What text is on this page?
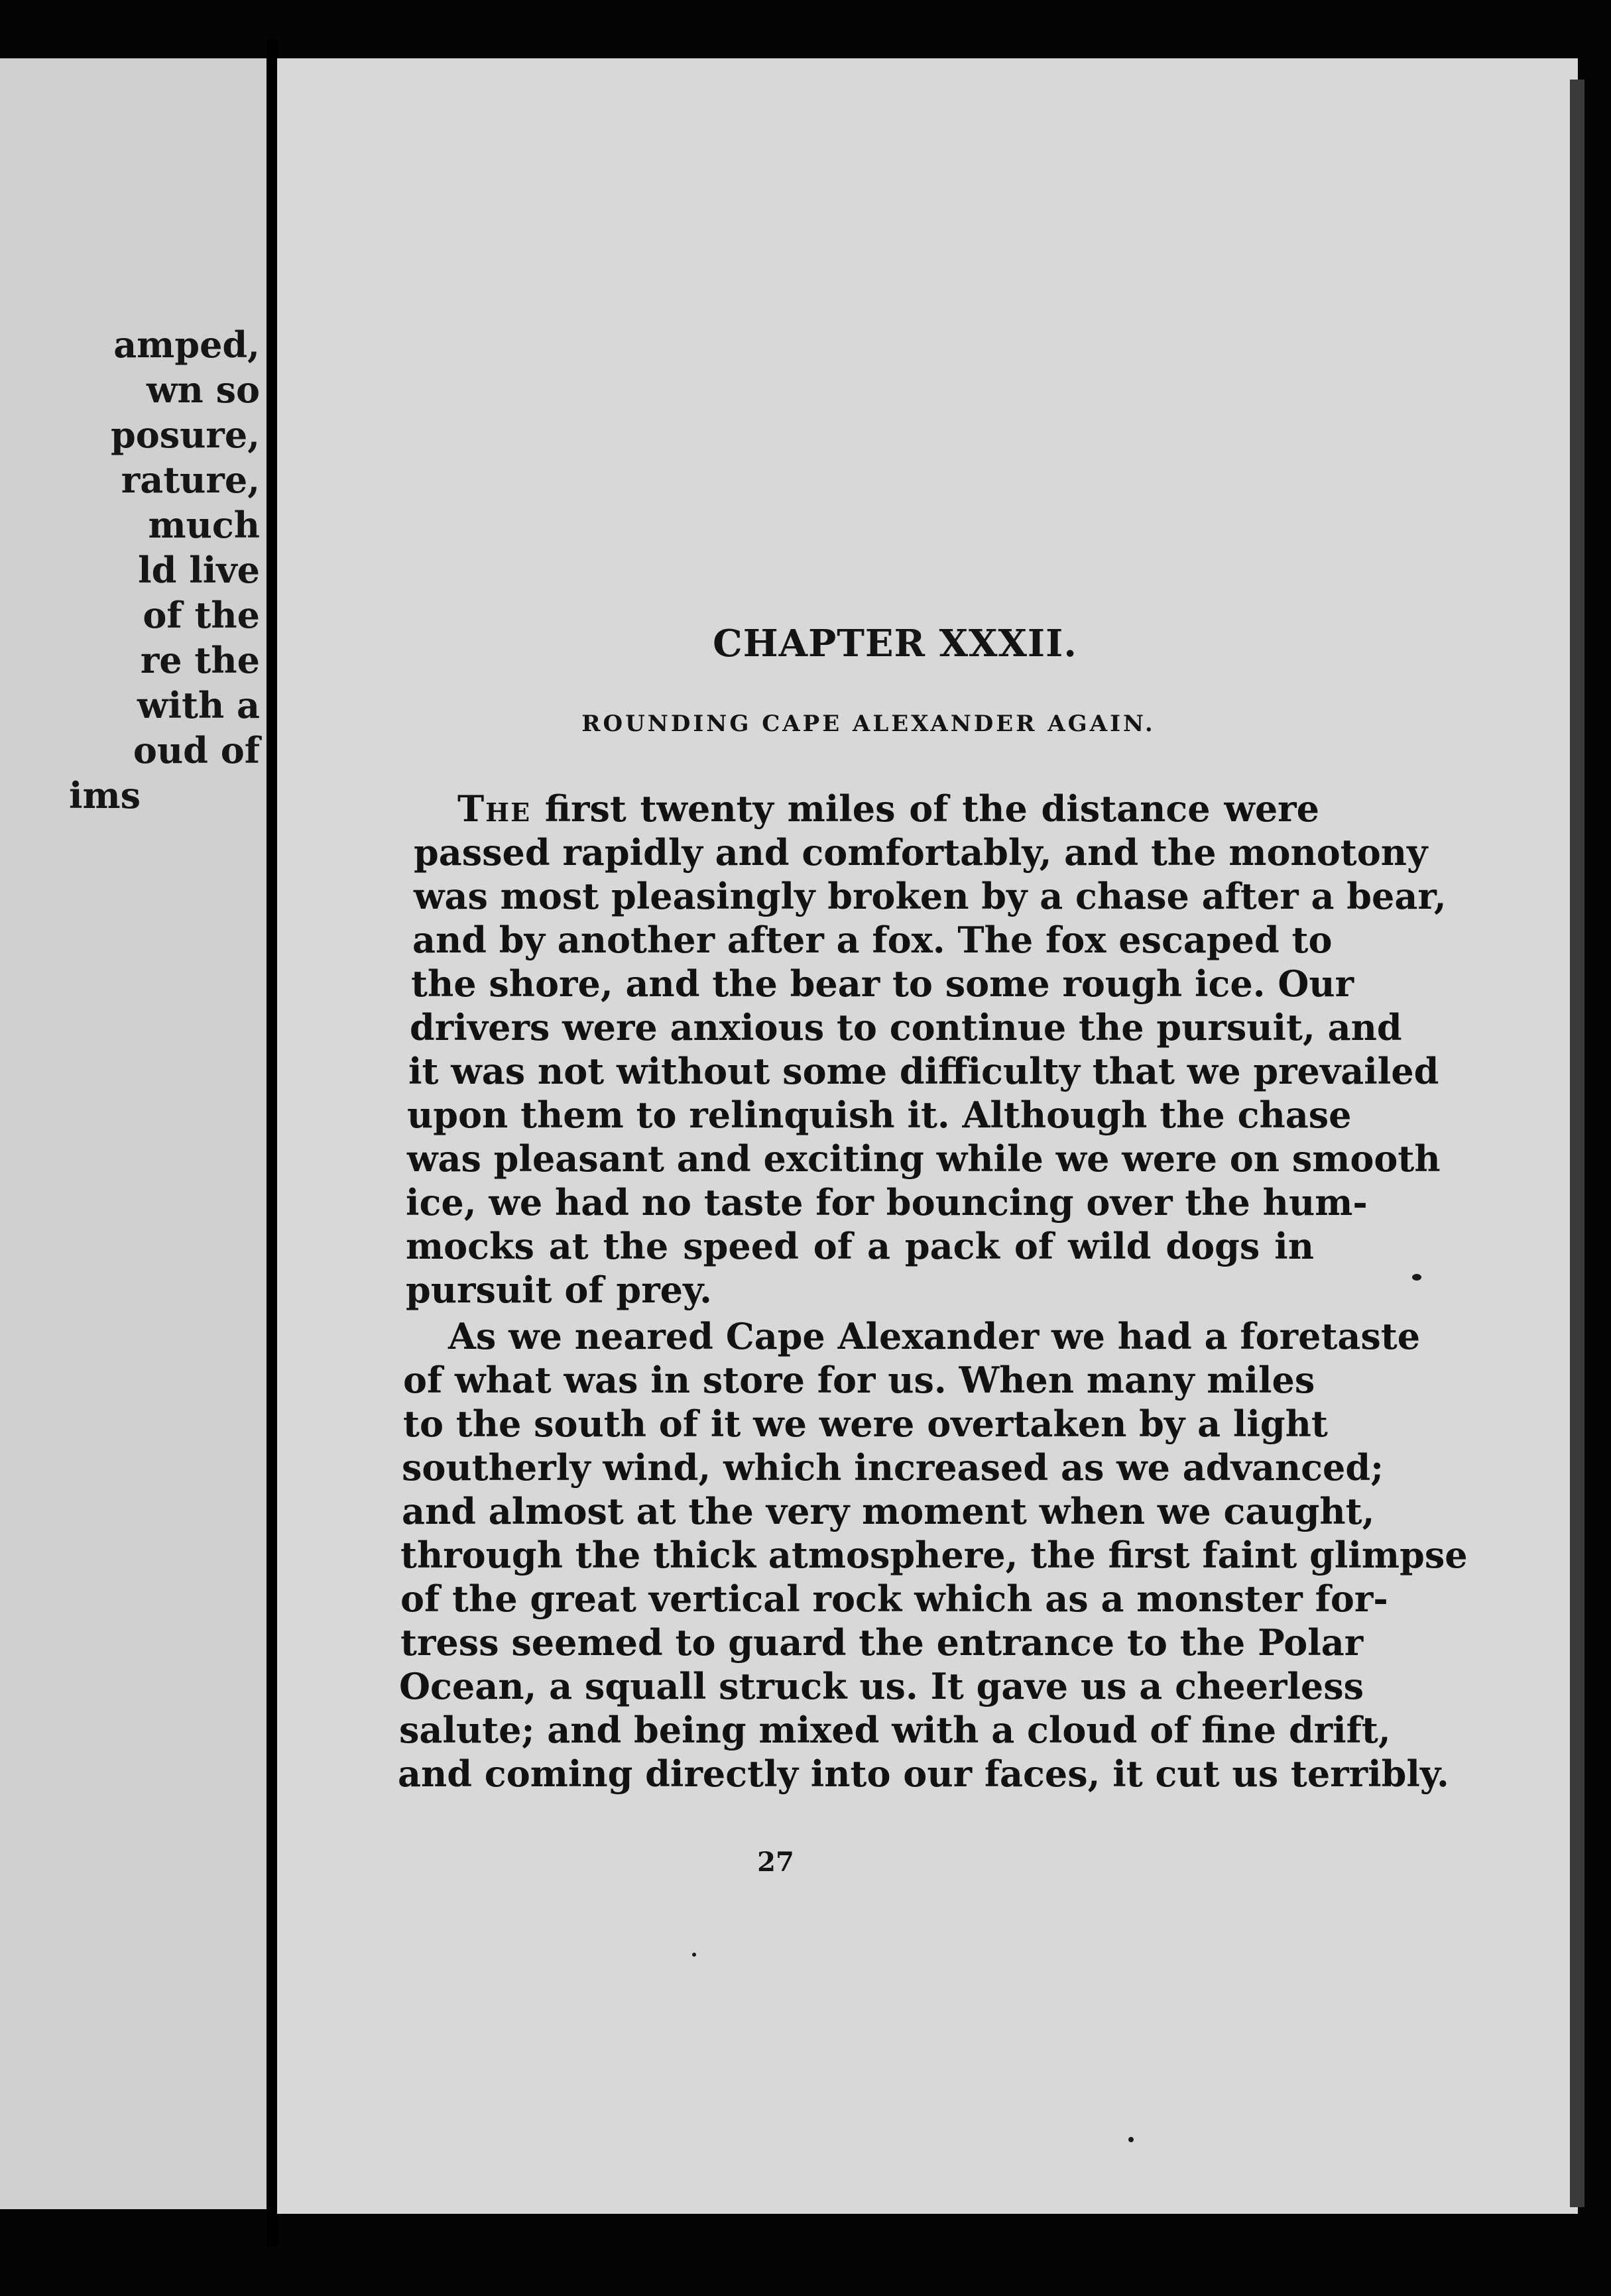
amped,
wn so
posure,
rature,
much
ld live
of the
re the
with a
oud of
ims
CHAPTER XXXII.
ROUNDING CAPE ALEXANDER AGAIN.
The first twenty miles of the distance were
passed rapidly and comfortably, and the monotony
was most pleasingly broken by a chase after a bear,
and by another after a fox. The fox escaped to
the shore, and the bear to some rough ice. Our
drivers were anxious to continue the pursuit, and
it was not without some difficulty that we prevailed
upon them to relinquish it. Although the chase
was pleasant and exciting while we were on smooth
ice, we had no taste for bouncing over the hum-
mocks at the speed of a pack of wild dogs in
pursuit of prey.
As we neared Cape Alexander we had a foretaste
of what was in store for us. When many miles
to the south of it we were overtaken by a light
southerly wind, which increased as we advanced;
and almost at the very moment when we caught,
through the thick atmosphere, the first faint glimpse
of the great vertical rock which as a monster for-
tress seemed to guard the entrance to the Polar
Ocean, a squall struck us. It gave us a cheerless
salute; and being mixed with a cloud of fine drift,
and coming directly into our faces, it cut us terribly.
27
